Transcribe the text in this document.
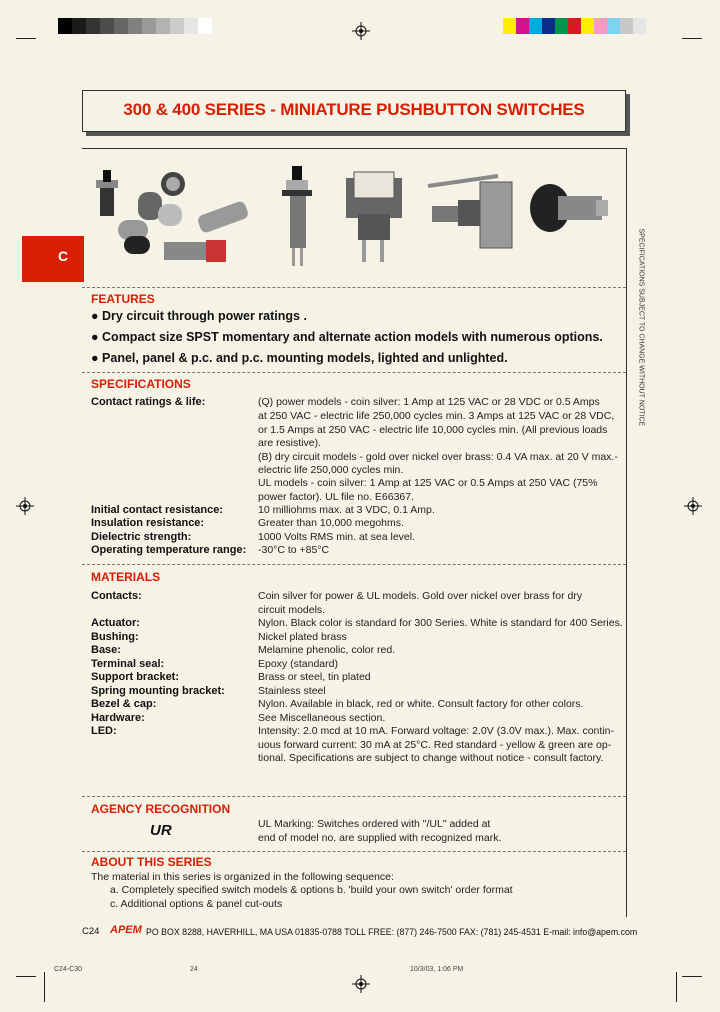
300 & 400 SERIES - MINIATURE PUSHBUTTON SWITCHES
C	SPECIFICATIONS SUBJECT TO CHANGE WITHOUT NOTICE
FEATURES
● Dry circuit through power ratings .
● Compact size SPST momentary and alternate action models with numerous options.
● Panel, panel & p.c. and p.c. mounting models, lighted and unlighted.
SPECIFICATIONS
Contact ratings & life:	(Q) power models - coin silver: 1 Amp at 125 VAC or 28 VDC or 0.5 Amps
at 250 VAC - electric life 250,000 cycles min. 3 Amps at 125 VAC or 28 VDC,
or 1.5 Amps at 250 VAC - electric life 10,000 cycles min. (All previous loads
are resistive).
(B) dry circuit models - gold over nickel over brass: 0.4 VA max. at 20 V max.-
electric life 250,000 cycles min.
UL models - coin silver: 1 Amp at 125 VAC or 0.5 Amps at 250 VAC (75%
power factor). UL file no. E66367.
Initial contact resistance:	10 milliohms max. at 3 VDC, 0.1 Amp.
Insulation resistance:	Greater than 10,000 megohms.
Dielectric strength:	1000 Volts RMS min. at sea level.
Operating temperature range: -30°C to +85°C
MATERIALS
Contacts:	Coin silver for power & UL models. Gold over nickel over brass for dry
circuit models.
Actuator:	Nylon. Black color is standard for 300 Series. White is standard for 400 Series.
Bushing:	Nickel plated brass
Base:	Melamine phenolic, color red.
Terminal seal:	Epoxy (standard)
Support bracket:	Brass or steel, tin plated
Spring mounting bracket:	Stainless steel
Bezel & cap:	Nylon. Available in black, red or white. Consult factory for other colors.
Hardware:	See Miscellaneous section.
LED:	Intensity: 2.0 mcd at 10 mA. Forward voltage: 2.0V (3.0V max.). Max. contin-
uous forward current: 30 mA at 25°C. Red standard - yellow & green are op-
tional. Specifications are subject to change without notice - consult factory.
AGENCY RECOGNITION
UR	UL Marking: Switches ordered with "/UL" added at
end of model no. are supplied with recognized mark.
ABOUT THIS SERIES
The material in this series is organized in the following sequence:
a. Completely specified switch models & options b. 'build your own switch' order format
c. Additional options & panel cut-outs
C24 APEM PO BOX 8288, HAVERHILL, MA USA 01835-0788 TOLL FREE: (877) 246-7500 FAX: (781) 245-4531 E-mail: info@apem.com
C24-C30	24	10/3/03, 1:06 PM
